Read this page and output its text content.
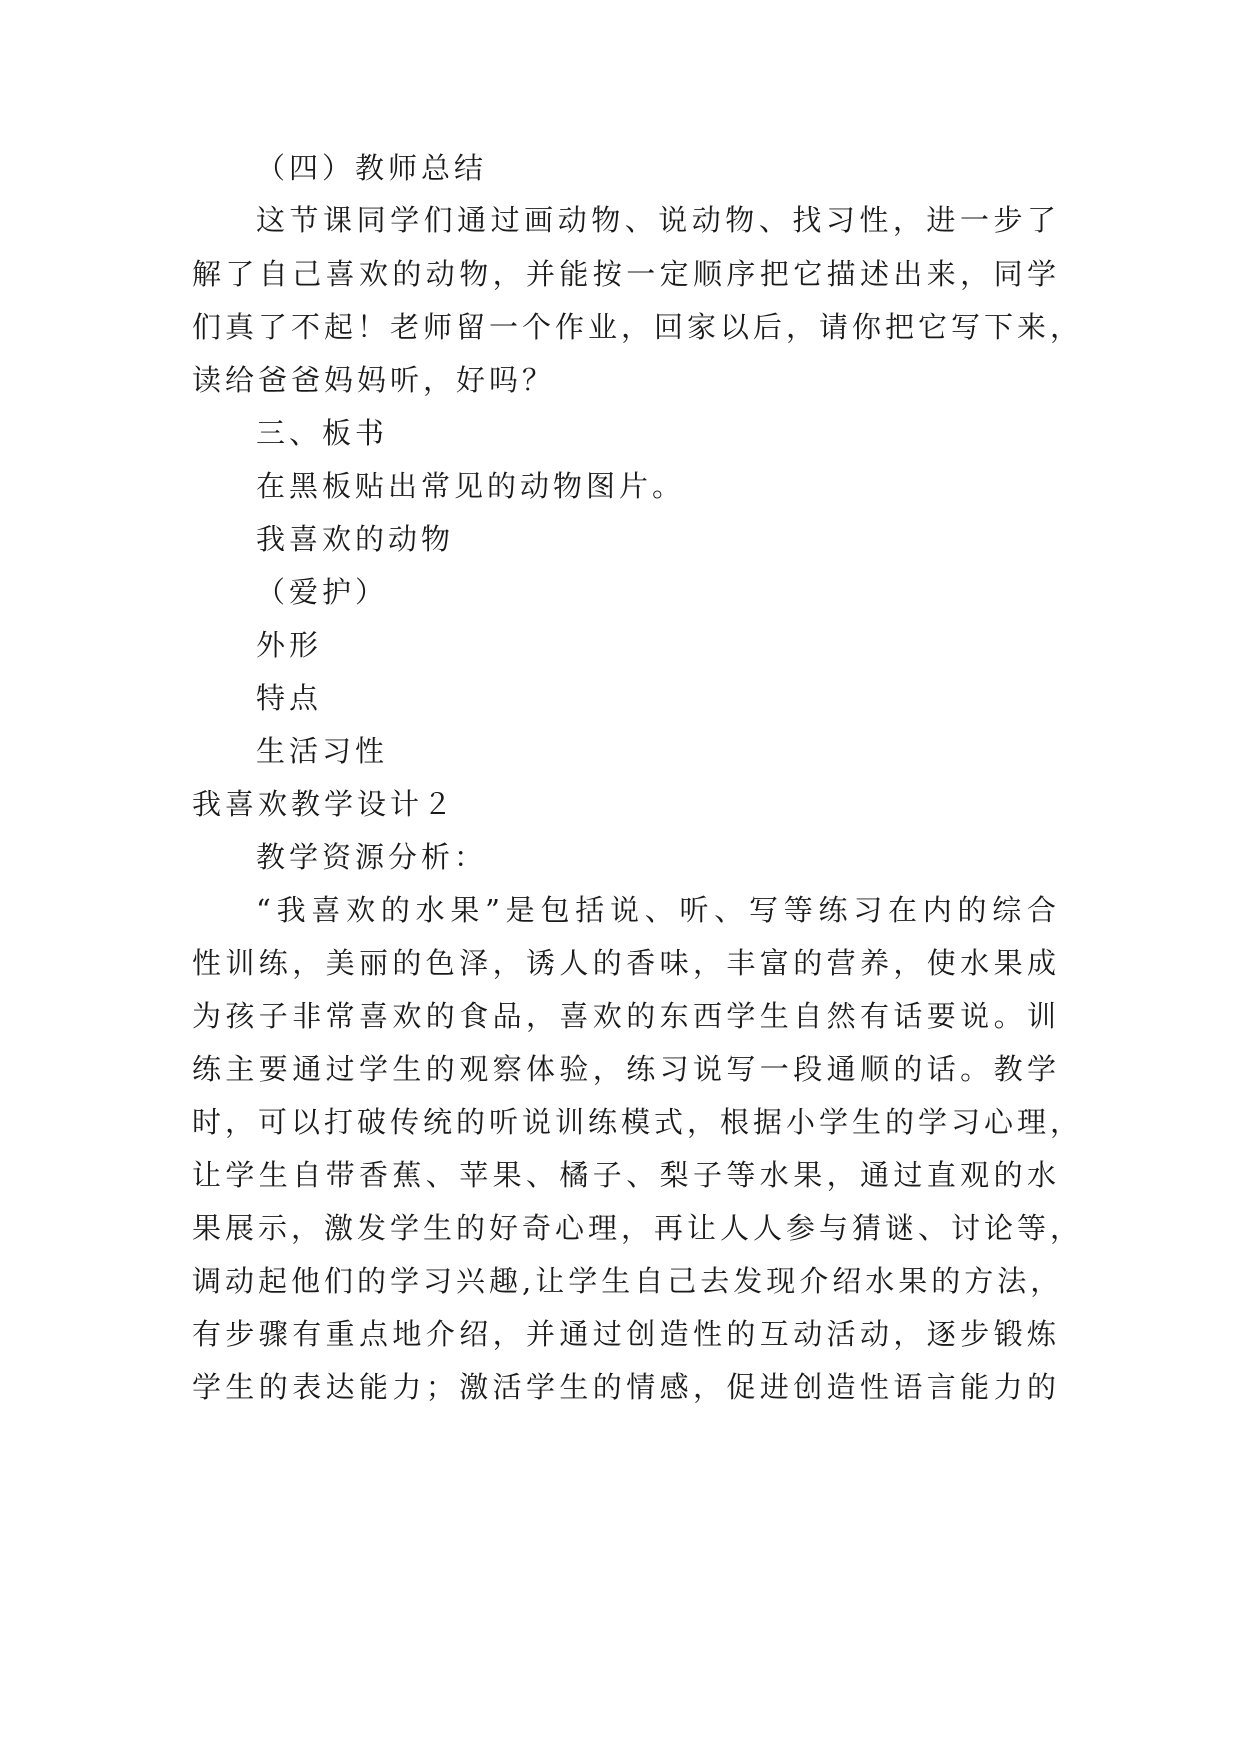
（四）教师总结
这节课同学们通过画动物、说动物、找习性，进一步了
解了自己喜欢的动物，并能按一定顺序把它描述出来，同学
们真了不起！老师留一个作业，回家以后，请你把它写下来，
读给爸爸妈妈听，好吗？
三、板书
在黑板贴出常见的动物图片。
我喜欢的动物
（爱护）
外形
特点
生活习性
我喜欢教学设计２
教学资源分析：
“我喜欢的水果”是包括说、听、写等练习在内的综合
性训练，美丽的色泽，诱人的香味，丰富的营养，使水果成
为孩子非常喜欢的食品，喜欢的东西学生自然有话要说。训
练主要通过学生的观察体验，练习说写一段通顺的话。教学
时，可以打破传统的听说训练模式，根据小学生的学习心理，
让学生自带香蕉、苹果、橘子、梨子等水果，通过直观的水
果展示，激发学生的好奇心理，再让人人参与猜谜、讨论等，
调动起他们的学习兴趣,让学生自己去发现介绍水果的方法，
有步骤有重点地介绍，并通过创造性的互动活动，逐步锻炼
学生的表达能力；激活学生的情感，促进创造性语言能力的
